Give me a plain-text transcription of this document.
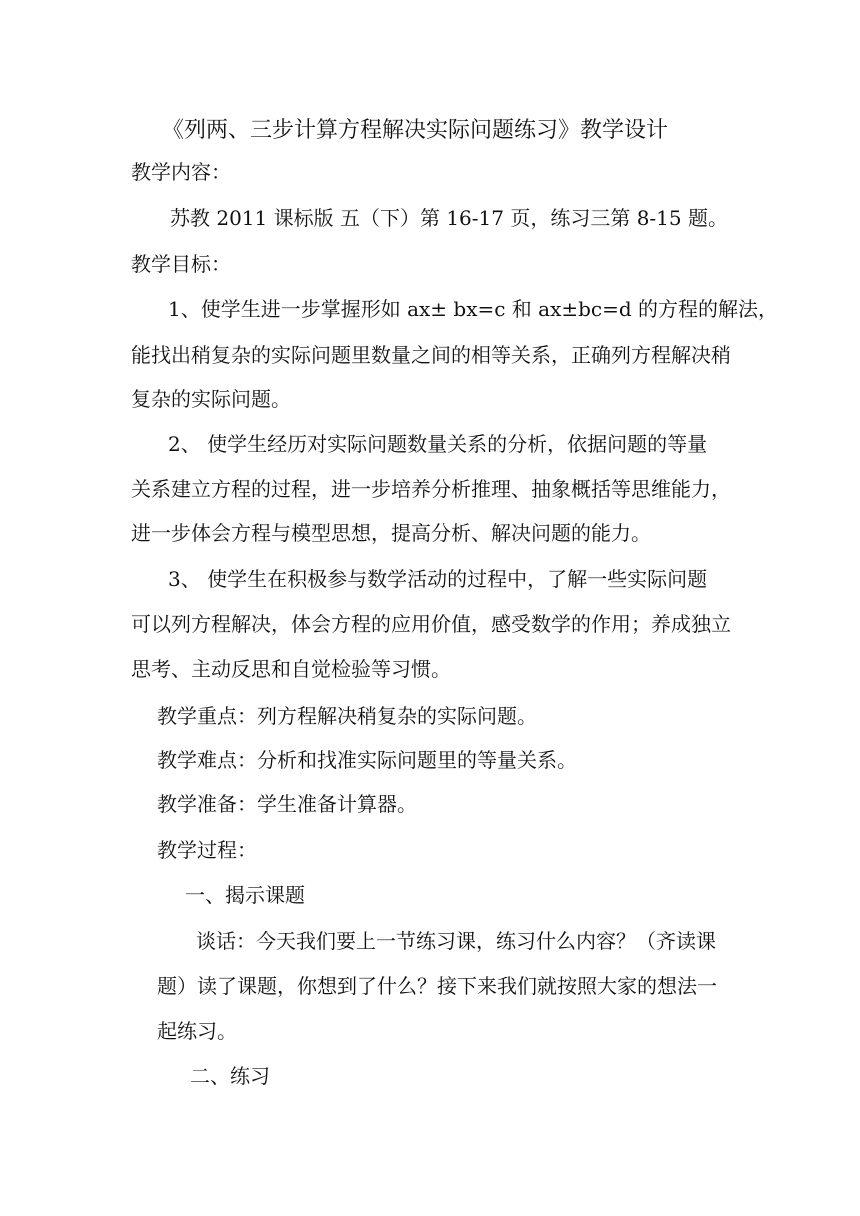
《列两、三步计算方程解决实际问题练习》教学设计
教学内容：
苏教 2011 课标版 五（下）第 16-17 页，练习三第 8-15 题。
教学目标：
1、使学生进一步掌握形如 ax± bx=c 和 ax±bc=d 的方程的解法，
能找出稍复杂的实际问题里数量之间的相等关系，正确列方程解决稍
复杂的实际问题。
2、 使学生经历对实际问题数量关系的分析，依据问题的等量
关系建立方程的过程，进一步培养分析推理、抽象概括等思维能力，
进一步体会方程与模型思想，提高分析、解决问题的能力。
3、 使学生在积极参与数学活动的过程中，了解一些实际问题
可以列方程解决，体会方程的应用价值，感受数学的作用；养成独立
思考、主动反思和自觉检验等习惯。
教学重点：列方程解决稍复杂的实际问题。
教学难点：分析和找准实际问题里的等量关系。
教学准备：学生准备计算器。
教学过程：
一、揭示课题
谈话：今天我们要上一节练习课，练习什么内容？（齐读课
题）读了课题，你想到了什么？接下来我们就按照大家的想法一
起练习。
二、练习
